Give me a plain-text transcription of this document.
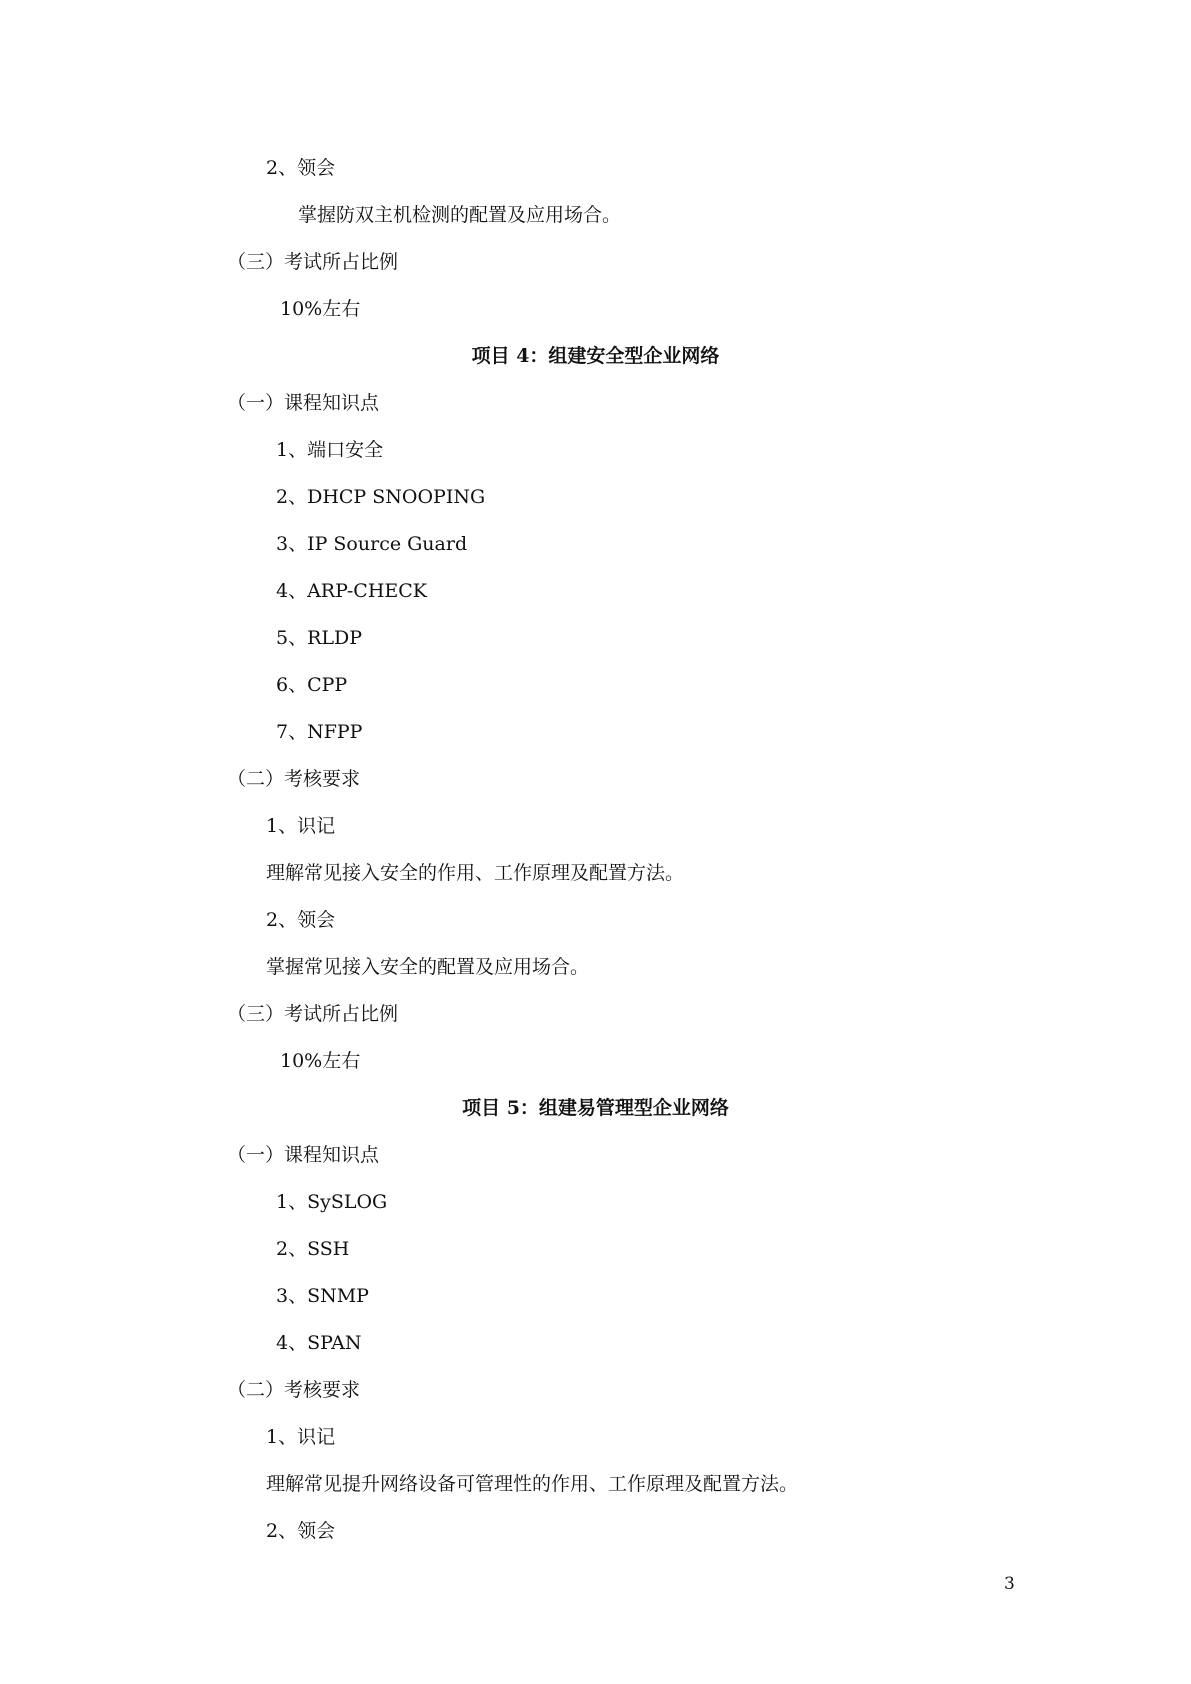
2、领会
掌握防双主机检测的配置及应用场合。
（三）考试所占比例
10%左右
项目 4：组建安全型企业网络
（一）课程知识点
1、端口安全
2、DHCP SNOOPING
3、IP Source Guard
4、ARP-CHECK
5、RLDP
6、CPP
7、NFPP
（二）考核要求
1、识记
理解常见接入安全的作用、工作原理及配置方法。
2、领会
掌握常见接入安全的配置及应用场合。
（三）考试所占比例
10%左右
项目 5：组建易管理型企业网络
（一）课程知识点
1、SySLOG
2、SSH
3、SNMP
4、SPAN
（二）考核要求
1、识记
理解常见提升网络设备可管理性的作用、工作原理及配置方法。
2、领会
3
